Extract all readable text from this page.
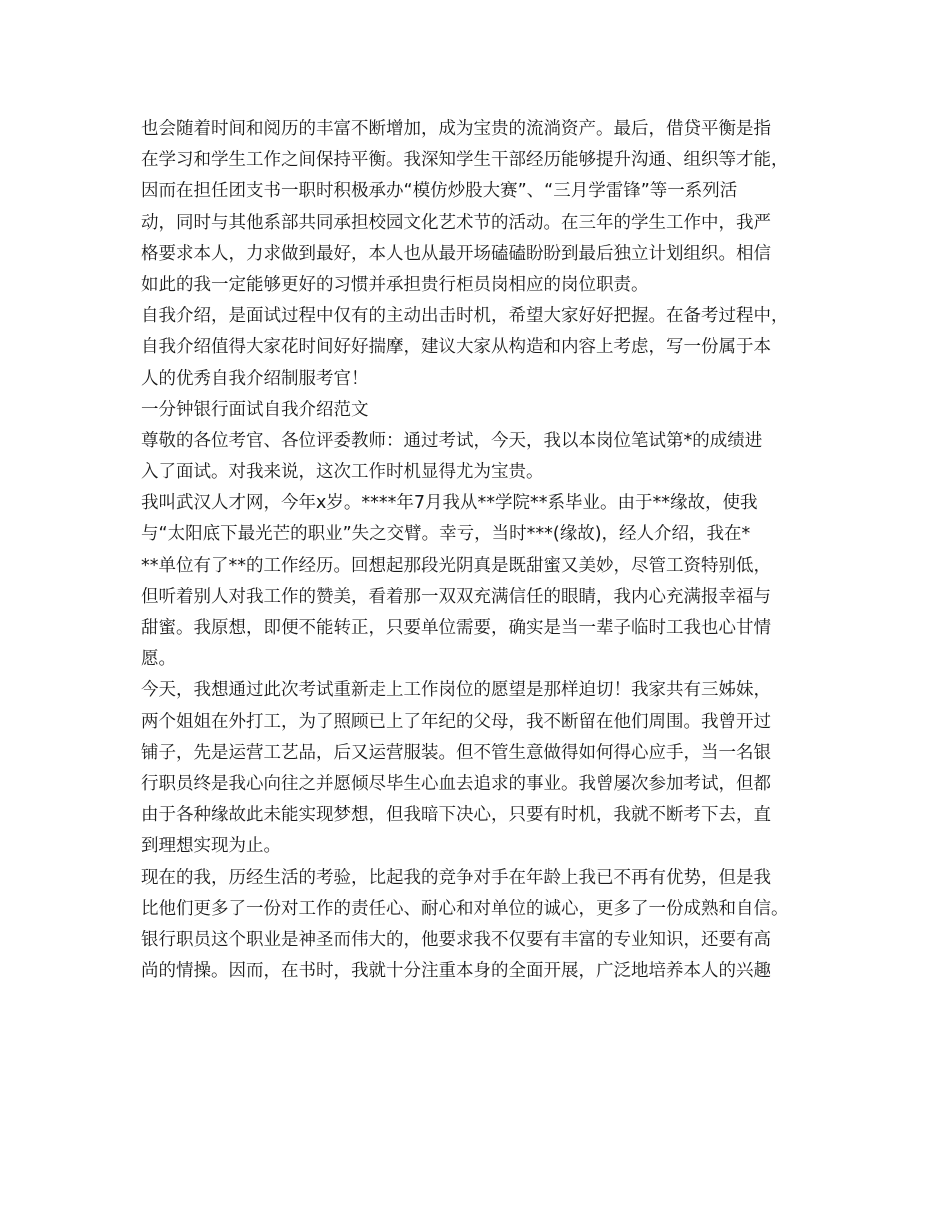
也会随着时间和阅历的丰富不断增加，成为宝贵的流淌资产。最后，借贷平衡是指
在学习和学生工作之间保持平衡。我深知学生干部经历能够提升沟通、组织等才能，
因而在担任团支书一职时积极承办“模仿炒股大赛”、“三月学雷锋”等一系列活
动，同时与其他系部共同承担校园文化艺术节的活动。在三年的学生工作中，我严
格要求本人，力求做到最好，本人也从最开场磕磕盼盼到最后独立计划组织。相信
如此的我一定能够更好的习惯并承担贵行柜员岗相应的岗位职责。
自我介绍，是面试过程中仅有的主动出击时机，希望大家好好把握。在备考过程中，
自我介绍值得大家花时间好好揣摩，建议大家从构造和内容上考虑，写一份属于本
人的优秀自我介绍制服考官！
一分钟银行面试自我介绍范文
尊敬的各位考官、各位评委教师：通过考试，今天，我以本岗位笔试第*的成绩进
入了面试。对我来说，这次工作时机显得尤为宝贵。
我叫武汉人才网，今年x岁。****年7月我从**学院**系毕业。由于**缘故，使我
与“太阳底下最光芒的职业”失之交臂。幸亏，当时***(缘故)，经人介绍，我在*
**单位有了**的工作经历。回想起那段光阴真是既甜蜜又美妙，尽管工资特别低，
但听着别人对我工作的赞美，看着那一双双充满信任的眼睛，我内心充满报幸福与
甜蜜。我原想，即便不能转正，只要单位需要，确实是当一辈子临时工我也心甘情
愿。
今天，我想通过此次考试重新走上工作岗位的愿望是那样迫切！我家共有三姊妹，
两个姐姐在外打工，为了照顾已上了年纪的父母，我不断留在他们周围。我曾开过
铺子，先是运营工艺品，后又运营服装。但不管生意做得如何得心应手，当一名银
行职员终是我心向往之并愿倾尽毕生心血去追求的事业。我曾屡次参加考试，但都
由于各种缘故此未能实现梦想，但我暗下决心，只要有时机，我就不断考下去，直
到理想实现为止。
现在的我，历经生活的考验，比起我的竞争对手在年龄上我已不再有优势，但是我
比他们更多了一份对工作的责任心、耐心和对单位的诚心，更多了一份成熟和自信。
银行职员这个职业是神圣而伟大的，他要求我不仅要有丰富的专业知识，还要有高
尚的情操。因而，在书时，我就十分注重本身的全面开展，广泛地培养本人的兴趣
